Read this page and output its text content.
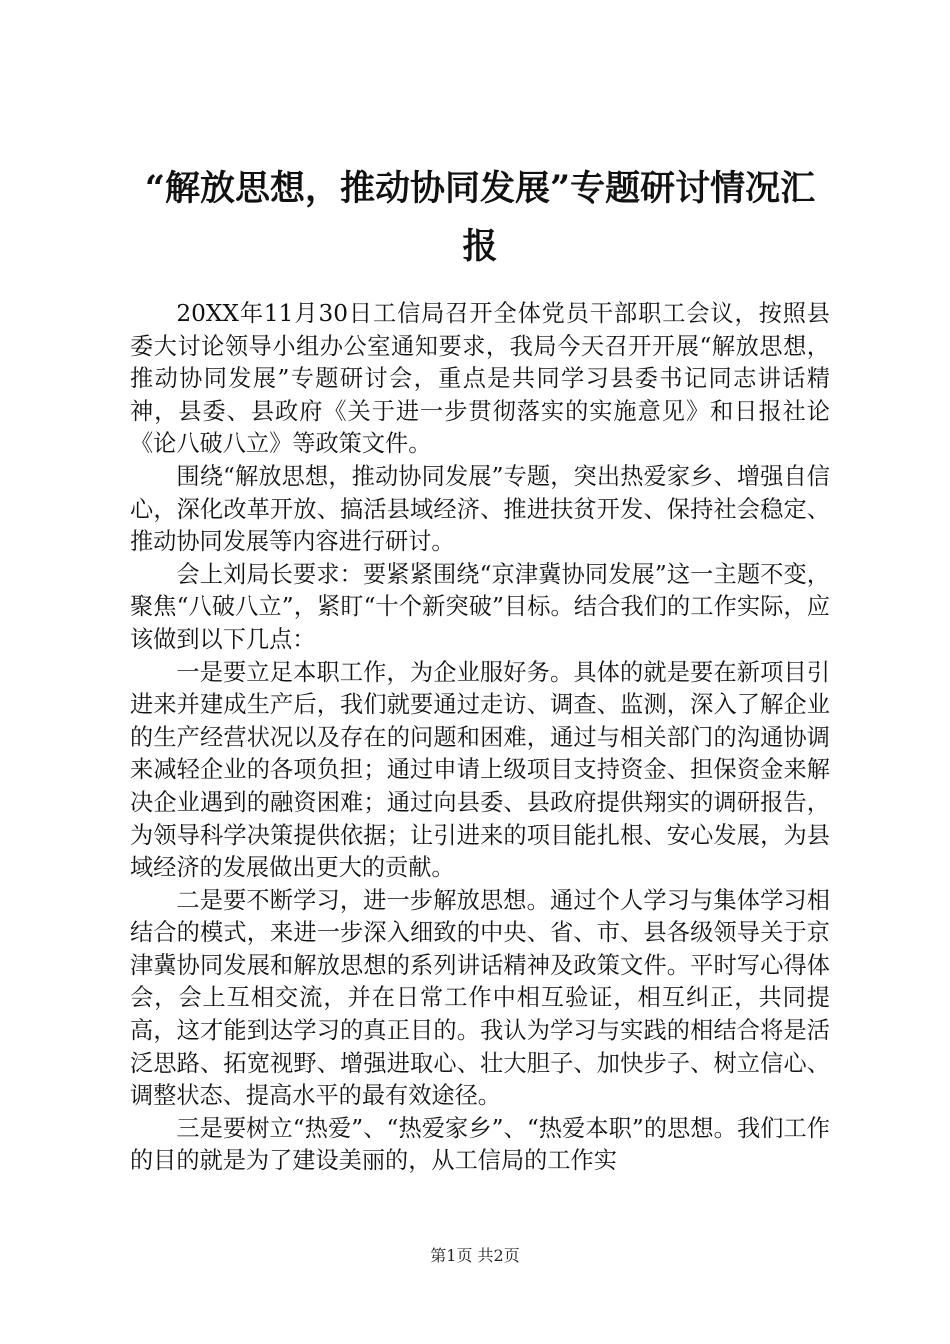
“解放思想，推动协同发展”专题研讨情况汇报

20XX年11月30日工信局召开全体党员干部职工会议，按照县委大讨论领导小组办公室通知要求，我局今天召开开展“解放思想，推动协同发展”专题研讨会，重点是共同学习县委书记同志讲话精神，县委、县政府《关于进一步贯彻落实的实施意见》和日报社论《论八破八立》等政策文件。

围绕“解放思想，推动协同发展”专题，突出热爱家乡、增强自信心，深化改革开放、搞活县域经济、推进扶贫开发、保持社会稳定、推动协同发展等内容进行研讨。

会上刘局长要求：要紧紧围绕“京津冀协同发展”这一主题不变，聚焦“八破八立”，紧盯“十个新突破”目标。结合我们的工作实际，应该做到以下几点：

一是要立足本职工作，为企业服好务。具体的就是要在新项目引进来并建成生产后，我们就要通过走访、调查、监测，深入了解企业的生产经营状况以及存在的问题和困难，通过与相关部门的沟通协调来减轻企业的各项负担；通过申请上级项目支持资金、担保资金来解决企业遇到的融资困难；通过向县委、县政府提供翔实的调研报告，为领导科学决策提供依据；让引进来的项目能扎根、安心发展，为县域经济的发展做出更大的贡献。

二是要不断学习，进一步解放思想。通过个人学习与集体学习相结合的模式，来进一步深入细致的中央、省、市、县各级领导关于京津冀协同发展和解放思想的系列讲话精神及政策文件。平时写心得体会，会上互相交流，并在日常工作中相互验证，相互纠正，共同提高，这才能到达学习的真正目的。我认为学习与实践的相结合将是活泛思路、拓宽视野、增强进取心、壮大胆子、加快步子、树立信心、调整状态、提高水平的最有效途径。

三是要树立“热爱”、“热爱家乡”、“热爱本职”的思想。我们工作的目的就是为了建设美丽的，从工信局的工作实

第1页 共2页
